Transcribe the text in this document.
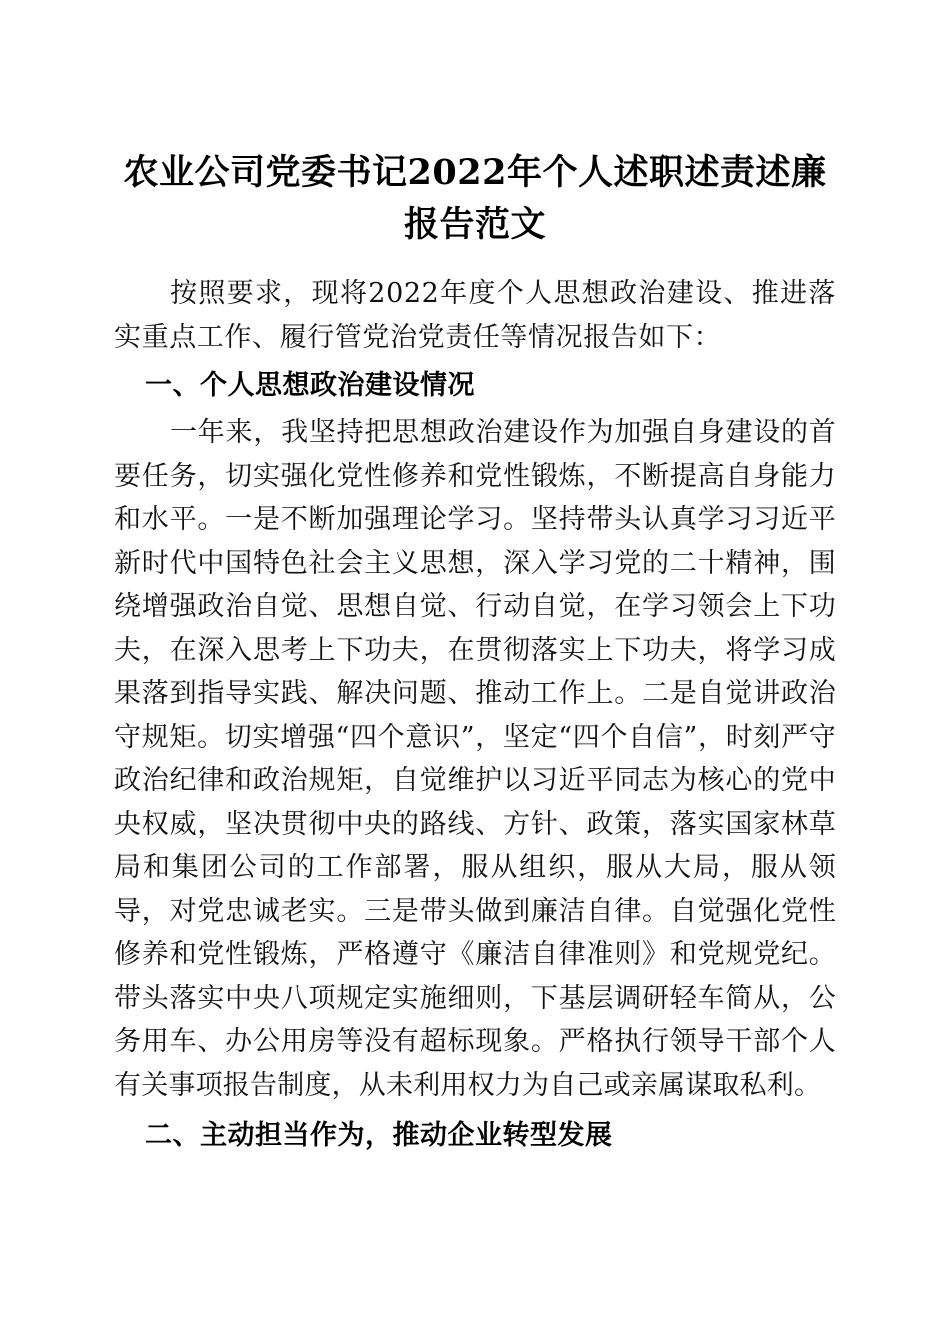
农业公司党委书记2022年个人述职述责述廉报告范文

按照要求，现将2022年度个人思想政治建设、推进落实重点工作、履行管党治党责任等情况报告如下：

一、个人思想政治建设情况

一年来，我坚持把思想政治建设作为加强自身建设的首要任务，切实强化党性修养和党性锻炼，不断提高自身能力和水平。一是不断加强理论学习。坚持带头认真学习习近平新时代中国特色社会主义思想，深入学习党的二十精神，围绕增强政治自觉、思想自觉、行动自觉，在学习领会上下功夫，在深入思考上下功夫，在贯彻落实上下功夫，将学习成果落到指导实践、解决问题、推动工作上。二是自觉讲政治守规矩。切实增强“四个意识”，坚定“四个自信”，时刻严守政治纪律和政治规矩，自觉维护以习近平同志为核心的党中央权威，坚决贯彻中央的路线、方针、政策，落实国家林草局和集团公司的工作部署，服从组织，服从大局，服从领导，对党忠诚老实。三是带头做到廉洁自律。自觉强化党性修养和党性锻炼，严格遵守《廉洁自律准则》和党规党纪。带头落实中央八项规定实施细则，下基层调研轻车简从，公务用车、办公用房等没有超标现象。严格执行领导干部个人有关事项报告制度，从未利用权力为自己或亲属谋取私利。

二、主动担当作为，推动企业转型发展
